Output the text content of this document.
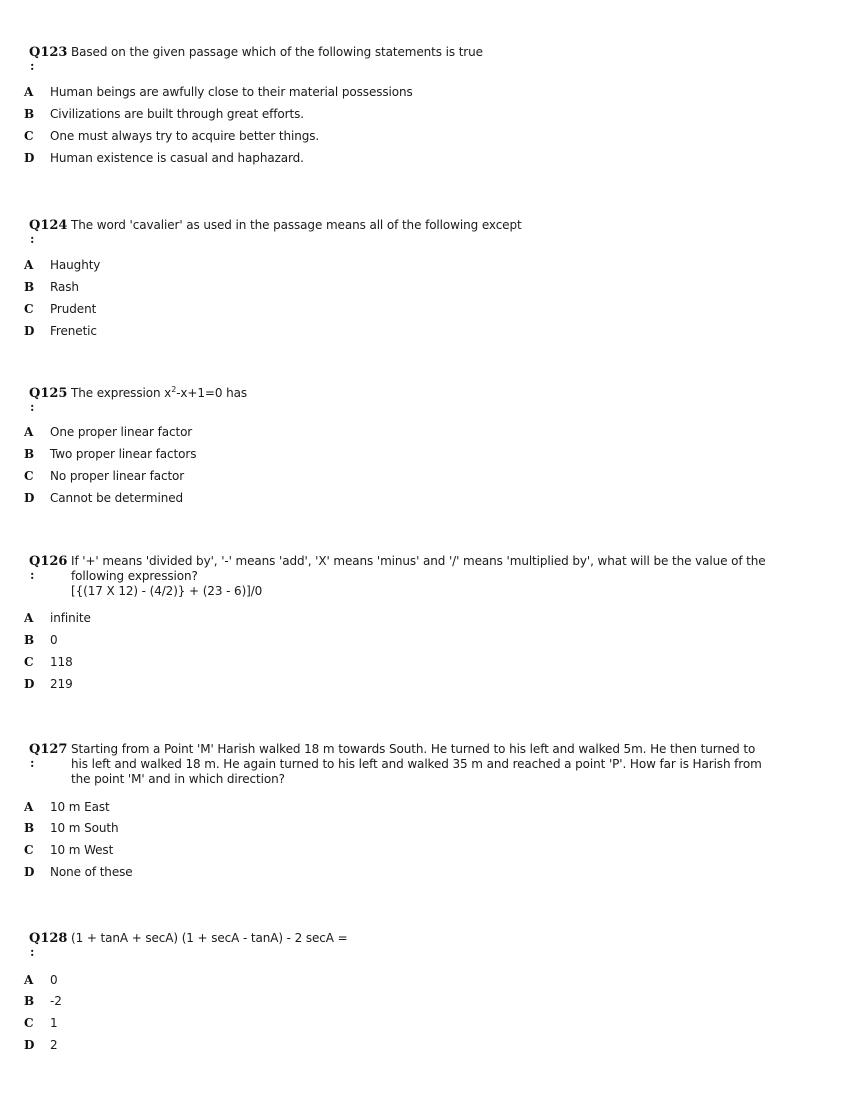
Q123
:
Based on the given passage which of the following statements is true
A Human beings are awfully close to their material possessions
B Civilizations are built through great efforts.
C One must always try to acquire better things.
D Human existence is casual and haphazard.
Q124
:
The word 'cavalier' as used in the passage means all of the following except
A Haughty
B Rash
C Prudent
D Frenetic
Q125
:
The expression $x^2-x+1=0$ has
A One proper linear factor
B Two proper linear factors
C No proper linear factor
D Cannot be determined
Q126
:
If '+' means 'divided by', '-' means 'add', 'X' means 'minus' and '/' means 'multiplied by', what will be the value of the
following expression?
[{(17 X 12) - (4/2)} + (23 - 6)]/0
A infinite
B 0
C 118
D 219
Q127
:
Starting from a Point 'M' Harish walked 18 m towards South. He turned to his left and walked 5m. He then turned to
his left and walked 18 m. He again turned to his left and walked 35 m and reached a point 'P'. How far is Harish from
the point 'M' and in which direction?
A 10 m East
B 10 m South
C 10 m West
D None of these
Q128
:
(1 + tanA + secA) (1 + secA - tanA) - 2 secA =
A 0
B -2
C 1
D 2
